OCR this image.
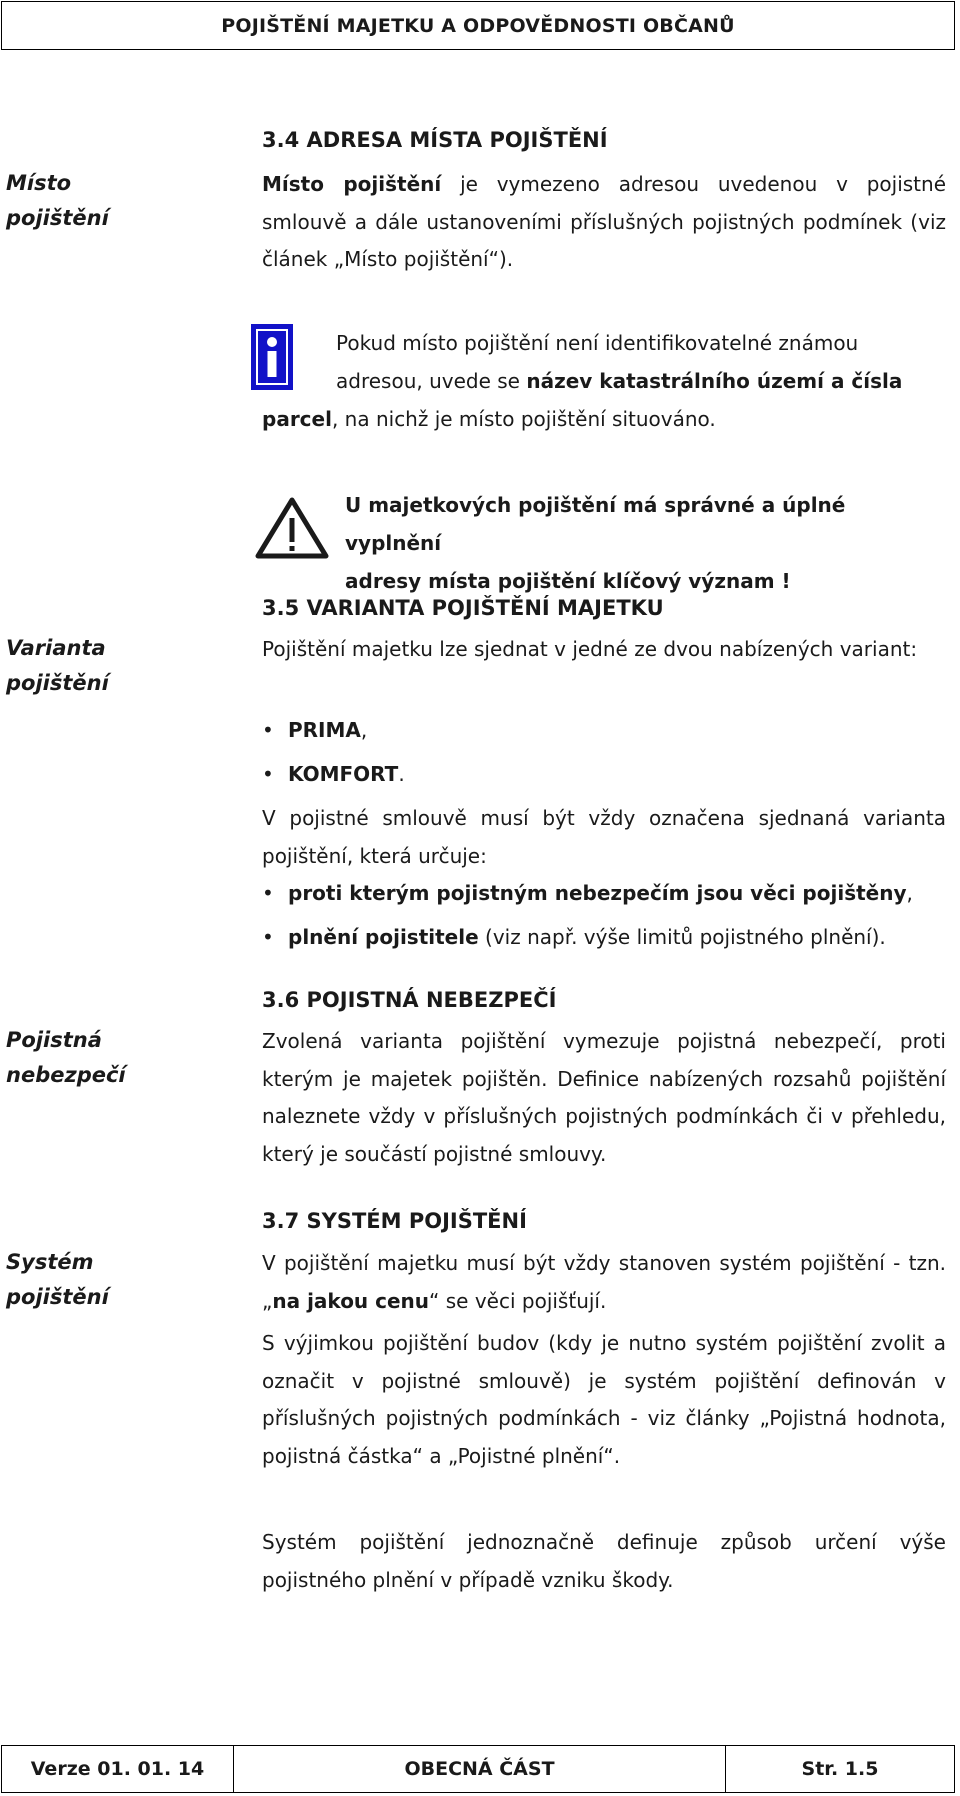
POJIŠTĚNÍ MAJETKU A ODPOVĚDNOSTI OBČANŮ
3.4 ADRESA MÍSTA POJIŠTĚNÍ
Místo
pojištění

Místo pojištění je vymezeno adresou uvedenou v pojistné smlouvě a dále ustanoveními příslušných pojistných podmínek (viz článek „Místo pojištění“).

Pokud místo pojištění není identifikovatelné známou
adresou, uvede se název katastrálního území a čísla
parcel, na nichž je místo pojištění situováno.
U majetkových pojištění má správné a úplné vyplnění
adresy místa pojištění klíčový význam !
3.5 VARIANTA POJIŠTĚNÍ MAJETKU
Varianta
pojištění

Pojištění majetku lze sjednat v jedné ze dvou nabízených variant:

• PRIMA,
• KOMFORT.

V pojistné smlouvě musí být vždy označena sjednaná varianta pojištění, která určuje:

• proti kterým pojistným nebezpečím jsou věci pojištěny,
• plnění pojistitele (viz např. výše limitů pojistného plnění).
3.6 POJISTNÁ NEBEZPEČÍ
Pojistná
nebezpečí

Zvolená varianta pojištění vymezuje pojistná nebezpečí, proti kterým je majetek pojištěn. Definice nabízených rozsahů pojištění naleznete vždy v příslušných pojistných podmínkách či v přehledu, který je součástí pojistné smlouvy.

3.7 SYSTÉM POJIŠTĚNÍ
Systém
pojištění

V pojištění majetku musí být vždy stanoven systém pojištění - tzn. „na jakou cenu“ se věci pojišťují.

S výjimkou pojištění budov (kdy je nutno systém pojištění zvolit a označit v pojistné smlouvě) je systém pojištění definován v příslušných pojistných podmínkách - viz články „Pojistná hodnota, pojistná částka“ a „Pojistné plnění“.

Systém pojištění jednoznačně definuje způsob určení výše pojistného plnění v případě vzniku škody.

Verze 01. 01. 14	OBECNÁ ČÁST	Str. 1.5
